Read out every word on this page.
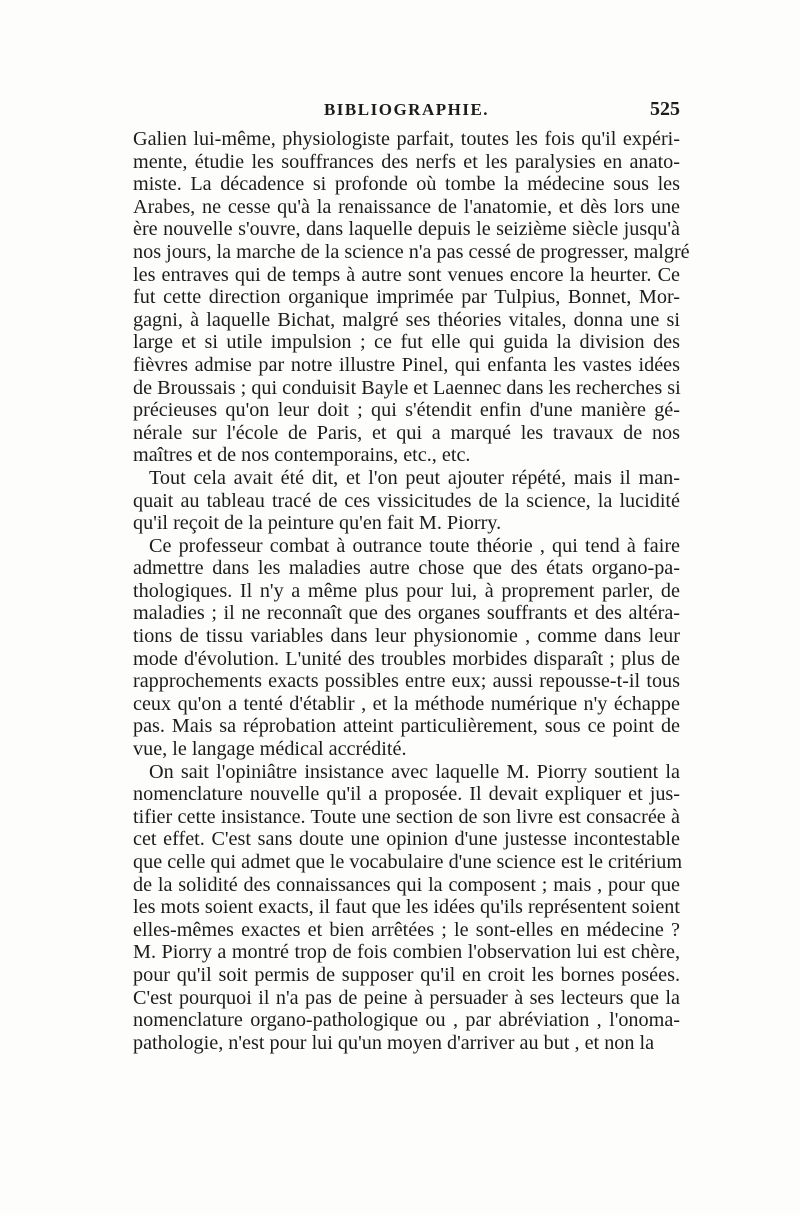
BIBLIOGRAPHIE.	525
Galien lui-même, physiologiste parfait, toutes les fois qu'il expéri-
mente, étudie les souffrances des nerfs et les paralysies en anato-
miste. La décadence si profonde où tombe la médecine sous les
Arabes, ne cesse qu'à la renaissance de l'anatomie, et dès lors une
ère nouvelle s'ouvre, dans laquelle depuis le seizième siècle jusqu'à
nos jours, la marche de la science n'a pas cessé de progresser, malgré
les entraves qui de temps à autre sont venues encore la heurter. Ce
fut cette direction organique imprimée par Tulpius, Bonnet, Mor-
gagni, à laquelle Bichat, malgré ses théories vitales, donna une si
large et si utile impulsion ; ce fut elle qui guida la division des
fièvres admise par notre illustre Pinel, qui enfanta les vastes idées
de Broussais ; qui conduisit Bayle et Laennec dans les recherches si
précieuses qu'on leur doit ; qui s'étendit enfin d'une manière gé-
nérale sur l'école de Paris, et qui a marqué les travaux de nos
maîtres et de nos contemporains, etc., etc.
Tout cela avait été dit, et l'on peut ajouter répété, mais il man-
quait au tableau tracé de ces vissicitudes de la science, la lucidité
qu'il reçoit de la peinture qu'en fait M. Piorry.
Ce professeur combat à outrance toute théorie , qui tend à faire
admettre dans les maladies autre chose que des états organo-pa-
thologiques. Il n'y a même plus pour lui, à proprement parler, de
maladies ; il ne reconnaît que des organes souffrants et des altéra-
tions de tissu variables dans leur physionomie , comme dans leur
mode d'évolution. L'unité des troubles morbides disparaît ; plus de
rapprochements exacts possibles entre eux; aussi repousse-t-il tous
ceux qu'on a tenté d'établir , et la méthode numérique n'y échappe
pas. Mais sa réprobation atteint particulièrement, sous ce point de
vue, le langage médical accrédité.
On sait l'opiniâtre insistance avec laquelle M. Piorry soutient la
nomenclature nouvelle qu'il a proposée. Il devait expliquer et jus-
tifier cette insistance. Toute une section de son livre est consacrée à
cet effet. C'est sans doute une opinion d'une justesse incontestable
que celle qui admet que le vocabulaire d'une science est le critérium
de la solidité des connaissances qui la composent ; mais , pour que
les mots soient exacts, il faut que les idées qu'ils représentent soient
elles-mêmes exactes et bien arrêtées ; le sont-elles en médecine ?
M. Piorry a montré trop de fois combien l'observation lui est chère,
pour qu'il soit permis de supposer qu'il en croit les bornes posées.
C'est pourquoi il n'a pas de peine à persuader à ses lecteurs que la
nomenclature organo-pathologique ou , par abréviation , l'onoma-
pathologie, n'est pour lui qu'un moyen d'arriver au but , et non la
